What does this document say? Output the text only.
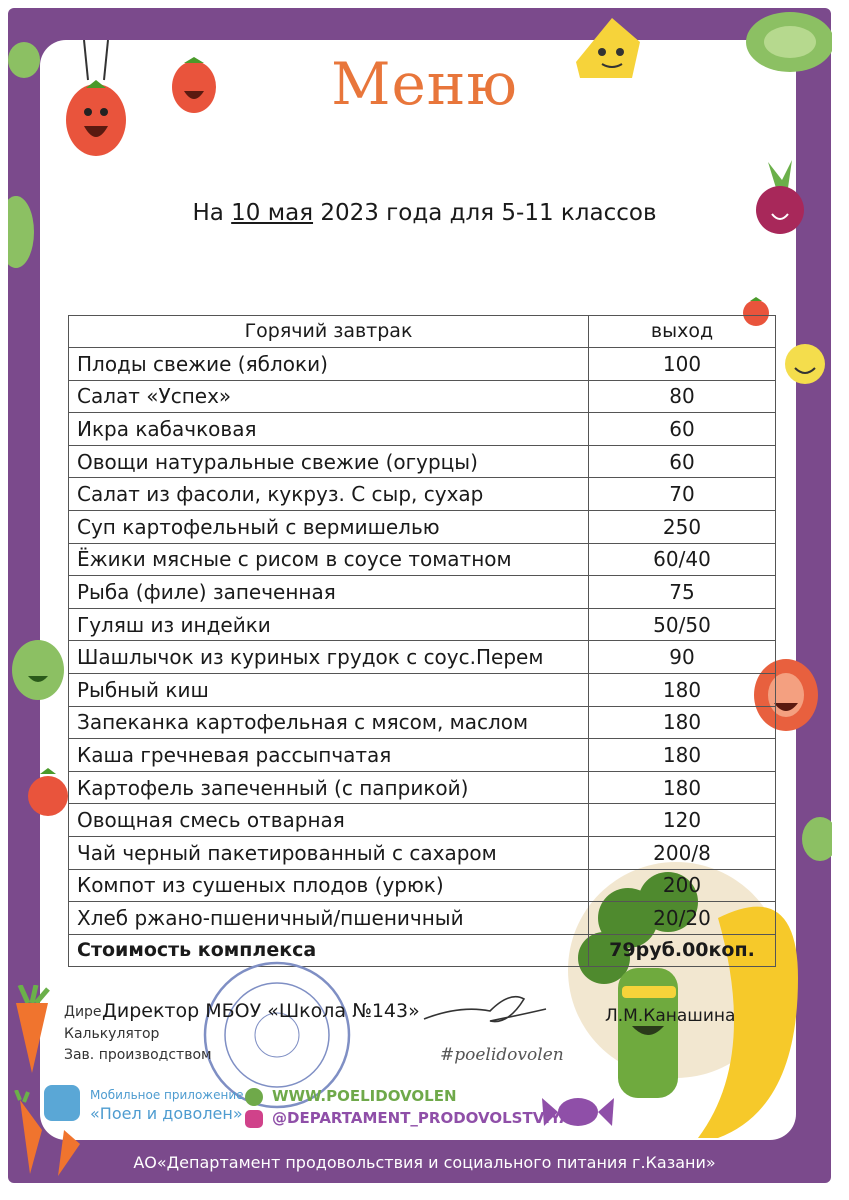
Меню
На 10 мая 2023 года для 5-11 классов
Горячий завтрак	выход
Плоды свежие (яблоки)	100
Салат «Успех»	80
Икра кабачковая	60
Овощи натуральные свежие (огурцы)	60
Салат из фасоли, кукруз. С сыр, сухар	70
Суп картофельный с вермишелью	250
Ёжики мясные с рисом в соусе томатном	60/40
Рыба (филе) запеченная	75
Гуляш из индейки	50/50
Шашлычок из куриных грудок с соус.Перем	90
Рыбный киш	180
Запеканка картофельная с мясом, маслом	180
Каша гречневая рассыпчатая	180
Картофель запеченный (с паприкой)	180
Овощная смесь отварная	120
Чай черный пакетированный с сахаром	200/8
Компот из сушеных плодов (урюк)	200
Хлеб ржано-пшеничный/пшеничный	20/20
Стоимость комплекса	79руб.00коп.
Директор МБОУ «Школа №143»	Л.М.Канашина
Дире
Калькулятор
Зав. производством	#poelidovolen
Мобильное приложение
«Поел и доволен»
WWW.POELIDOVOLEN
@DEPARTAMENT_PRODOVOLSTVIYA
АО«Департамент продовольствия и социального питания г.Казани»
